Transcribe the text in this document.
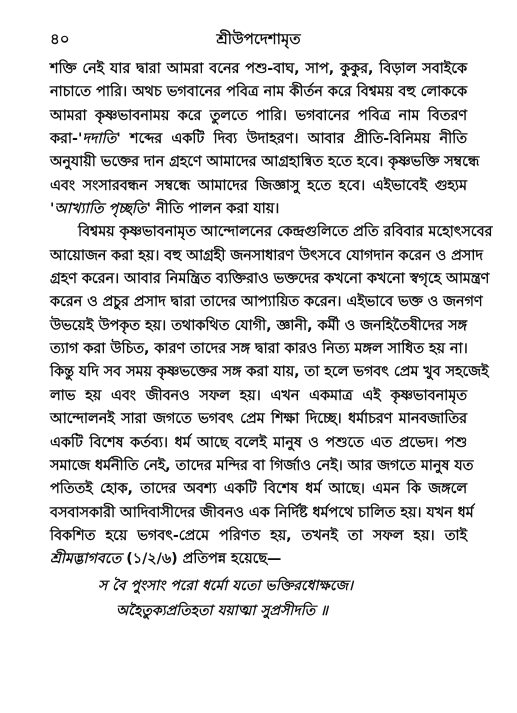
৪০	শ্রীউপদেশামৃত
শক্তি নেই যার দ্বারা আমরা বনের পশু-বাঘ, সাপ, কুকুর, বিড়াল সবাইকে
নাচাতে পারি। অথচ ভগবানের পবিত্র নাম কীর্তন করে বিশ্বময় বহু লোককে
আমরা কৃষ্ণভাবনাময় করে তুলতে পারি। ভগবানের পবিত্র নাম বিতরণ
করা-'দদাতি' শব্দের একটি দিব্য উদাহরণ। আবার প্রীতি-বিনিময় নীতি
অনুযায়ী ভক্তের দান গ্রহণে আমাদের আগ্রহান্বিত হতে হবে। কৃষ্ণভক্তি সম্বন্ধে
এবং সংসারবন্ধন সম্বন্ধে আমাদের জিজ্ঞাসু হতে হবে। এইভাবেই গুহ্যম
'আখ্যাতি পৃচ্ছতি' নীতি পালন করা যায়।
বিশ্বময় কৃষ্ণভাবনামৃত আন্দোলনের কেন্দ্রগুলিতে প্রতি রবিবার মহোৎসবের
আয়োজন করা হয়। বহু আগ্রহী জনসাধারণ উৎসবে যোগদান করেন ও প্রসাদ
গ্রহণ করেন। আবার নিমন্ত্রিত ব্যক্তিরাও ভক্তদের কখনো কখনো স্বগৃহে আমন্ত্রণ
করেন ও প্রচুর প্রসাদ দ্বারা তাদের আপ্যায়িত করেন। এইভাবে ভক্ত ও জনগণ
উভয়েই উপকৃত হয়। তথাকথিত যোগী, জ্ঞানী, কর্মী ও জনহিতৈষীদের সঙ্গ
ত্যাগ করা উচিত, কারণ তাদের সঙ্গ দ্বারা কারও নিত্য মঙ্গল সাধিত হয় না।
কিন্তু যদি সব সময় কৃষ্ণভক্তের সঙ্গ করা যায়, তা হলে ভগবৎ প্রেম খুব সহজেই
লাভ হয় এবং জীবনও সফল হয়। এখন একমাত্র এই কৃষ্ণভাবনামৃত
আন্দোলনই সারা জগতে ভগবৎ প্রেম শিক্ষা দিচ্ছে। ধর্মাচরণ মানবজাতির
একটি বিশেষ কর্তব্য। ধর্ম আছে বলেই মানুষ ও পশুতে এত প্রভেদ। পশু
সমাজে ধর্মনীতি নেই, তাদের মন্দির বা গির্জাও নেই। আর জগতে মানুষ যত
পতিতই হোক, তাদের অবশ্য একটি বিশেষ ধর্ম আছে। এমন কি জঙ্গলে
বসবাসকারী আদিবাসীদের জীবনও এক নির্দিষ্ট ধর্মপথে চালিত হয়। যখন ধর্ম
বিকশিত হয়ে ভগবৎ-প্রেমে পরিণত হয়, তখনই তা সফল হয়। তাই
শ্রীমদ্ভাগবতে (১/২/৬) প্রতিপন্ন হয়েছে—
স বৈ পুংসাং পরো ধর্মো যতো ভক্তিরধোক্ষজে।
অহৈতুক্যপ্রতিহতা যয়াত্মা সুপ্রসীদতি ॥
